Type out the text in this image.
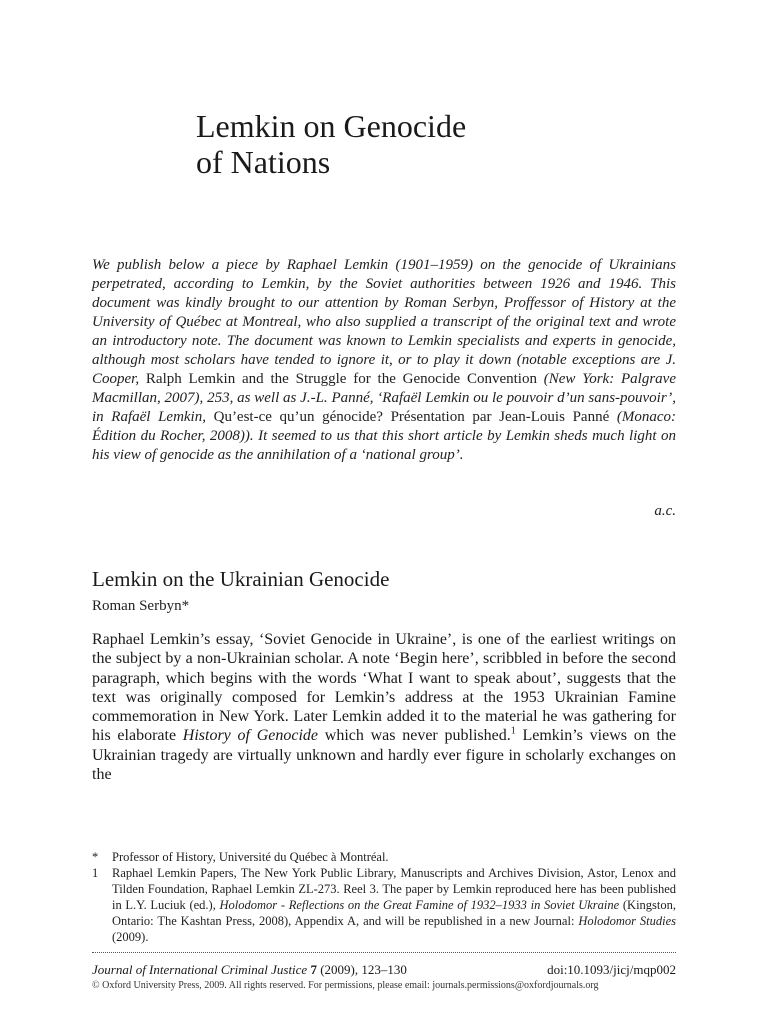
Lemkin on Genocide
of Nations

We publish below a piece by Raphael Lemkin (1901–1959) on the genocide of Ukrainians perpetrated, according to Lemkin, by the Soviet authorities between 1926 and 1946. This document was kindly brought to our attention by Roman Serbyn, Proffessor of History at the University of Québec at Montreal, who also supplied a transcript of the original text and wrote an introductory note. The document was known to Lemkin specialists and experts in genocide, although most scholars have tended to ignore it, or to play it down (notable exceptions are J. Cooper, Ralph Lemkin and the Struggle for the Genocide Convention (New York: Palgrave Macmillan, 2007), 253, as well as J.-L. Panné, ‘Rafaël Lemkin ou le pouvoir d’un sans-pouvoir’, in Rafaël Lemkin, Qu’est-ce qu’un génocide? Présentation par Jean-Louis Panné (Monaco: Édition du Rocher, 2008)). It seemed to us that this short article by Lemkin sheds much light on his view of genocide as the annihilation of a ‘national group’.

a.c.
Lemkin on the Ukrainian Genocide

Roman Serbyn*

Raphael Lemkin’s essay, ‘Soviet Genocide in Ukraine’, is one of the earliest writings on the subject by a non-Ukrainian scholar. A note ‘Begin here’, scribbled in before the second paragraph, which begins with the words ‘What I want to speak about’, suggests that the text was originally composed for Lemkin’s address at the 1953 Ukrainian Famine commemoration in New York. Later Lemkin added it to the material he was gathering for his elaborate History of Genocide which was never published.$^1$ Lemkin’s views on the Ukrainian tragedy are virtually unknown and hardly ever figure in scholarly exchanges on the

* Professor of History, Université du Québec à Montréal.
1 Raphael Lemkin Papers, The New York Public Library, Manuscripts and Archives Division, Astor, Lenox and Tilden Foundation, Raphael Lemkin ZL-273. Reel 3. The paper by Lemkin reproduced here has been published in L.Y. Luciuk (ed.), Holodomor - Reflections on the Great Famine of 1932–1933 in Soviet Ukraine (Kingston, Ontario: The Kashtan Press, 2008), Appendix A, and will be republished in a new Journal: Holodomor Studies (2009).
Journal of International Criminal Justice 7 (2009), 123–130	doi:10.1093/jicj/mqp002
© Oxford University Press, 2009. All rights reserved. For permissions, please email: journals.permissions@oxfordjournals.org
